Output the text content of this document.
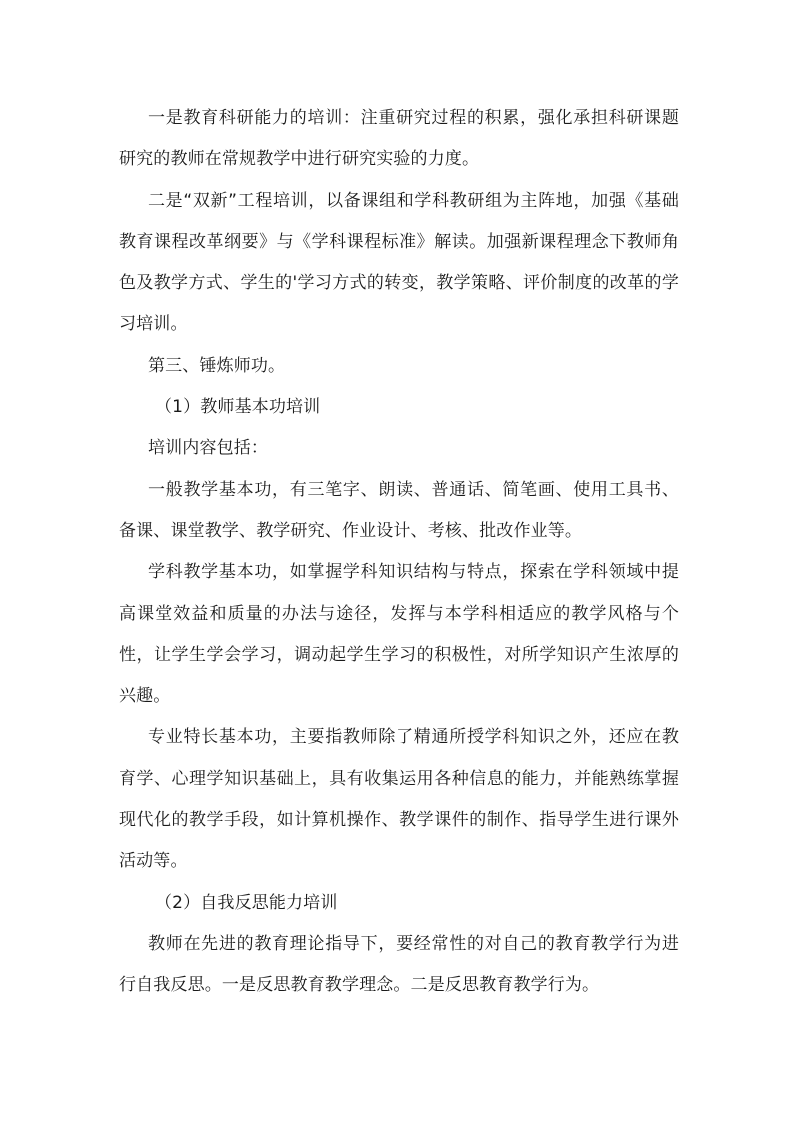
一是教育科研能力的培训：注重研究过程的积累，强化承担科研课题研究的教师在常规教学中进行研究实验的力度。

二是“双新”工程培训，以备课组和学科教研组为主阵地，加强《基础教育课程改革纲要》与《学科课程标准》解读。加强新课程理念下教师角色及教学方式、学生的'学习方式的转变，教学策略、评价制度的改革的学习培训。

第三、锤炼师功。

（1）教师基本功培训

培训内容包括：

一般教学基本功，有三笔字、朗读、普通话、简笔画、使用工具书、备课、课堂教学、教学研究、作业设计、考核、批改作业等。

学科教学基本功，如掌握学科知识结构与特点，探索在学科领域中提高课堂效益和质量的办法与途径，发挥与本学科相适应的教学风格与个性，让学生学会学习，调动起学生学习的积极性，对所学知识产生浓厚的兴趣。

专业特长基本功，主要指教师除了精通所授学科知识之外，还应在教育学、心理学知识基础上，具有收集运用各种信息的能力，并能熟练掌握现代化的教学手段，如计算机操作、教学课件的制作、指导学生进行课外活动等。

（2）自我反思能力培训

教师在先进的教育理论指导下，要经常性的对自己的教育教学行为进行自我反思。一是反思教育教学理念。二是反思教育教学行为。
